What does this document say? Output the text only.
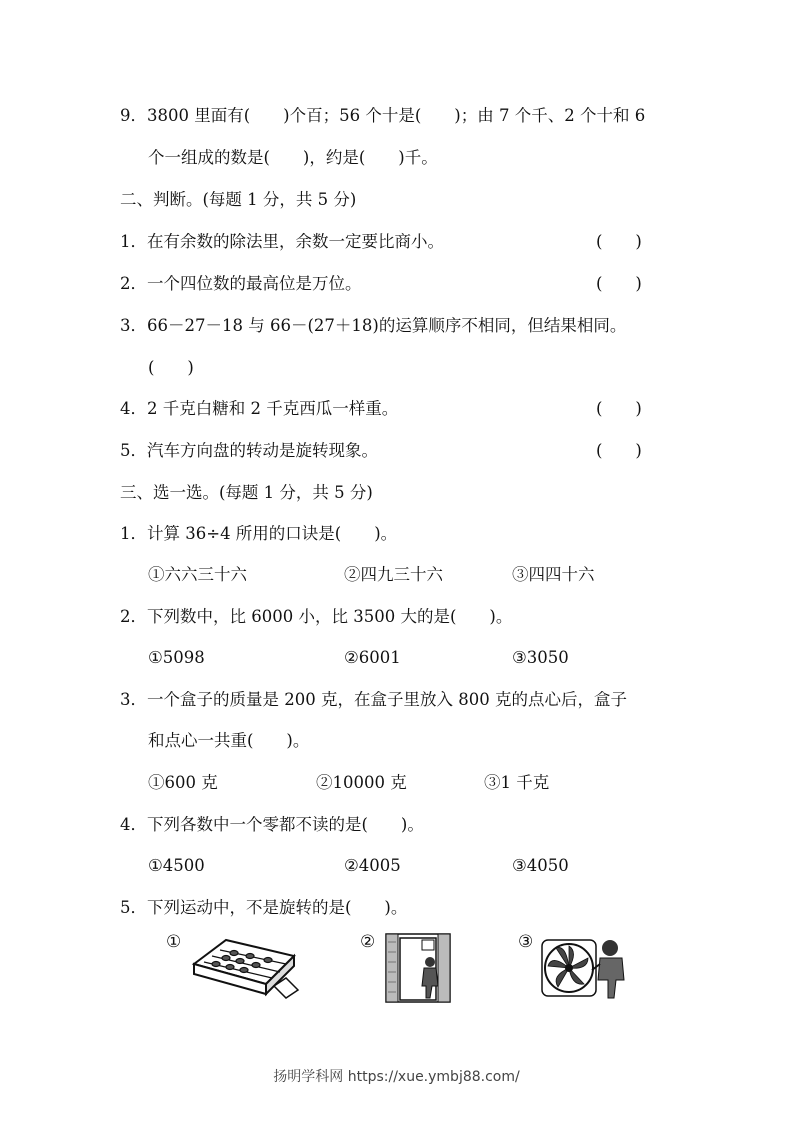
9．3800 里面有(　　)个百；56 个十是(　　)；由 7 个千、2 个十和 6
个一组成的数是(　　)，约是(　　)千。
二、判断。(每题 1 分，共 5 分)
1．在有余数的除法里，余数一定要比商小。	(　　)
2．一个四位数的最高位是万位。	(　　)
3．66－27－18 与 66－(27＋18)的运算顺序不相同，但结果相同。
(　　)
4．2 千克白糖和 2 千克西瓜一样重。	(　　)
5．汽车方向盘的转动是旋转现象。	(　　)
三、选一选。(每题 1 分，共 5 分)
1．计算 36÷4 所用的口诀是(　　)。
①六六三十六	②四九三十六	③四四十六
2．下列数中，比 6000 小，比 3500 大的是(　　)。
①5098	②6001	③3050
3．一个盒子的质量是 200 克，在盒子里放入 800 克的点心后，盒子
和点心一共重(　　)。
①600 克	②10000 克	③1 千克
4．下列各数中一个零都不读的是(　　)。
①4500	②4005	③4050
5．下列运动中，不是旋转的是(　　)。
①	②	③
扬明学科网 https://xue.ymbj88.com/
